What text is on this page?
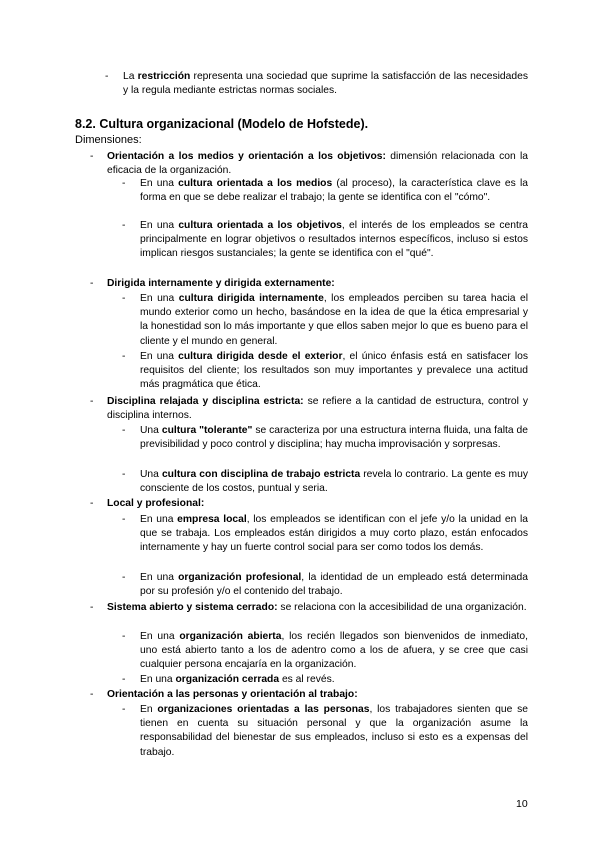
- La restricción representa una sociedad que suprime la satisfacción de las necesidades y la regula mediante estrictas normas sociales.
8.2. Cultura organizacional (Modelo de Hofstede).
Dimensiones:
- Orientación a los medios y orientación a los objetivos: dimensión relacionada con la eficacia de la organización.
- En una cultura orientada a los medios (al proceso), la característica clave es la forma en que se debe realizar el trabajo; la gente se identifica con el "cómo".
- En una cultura orientada a los objetivos, el interés de los empleados se centra principalmente en lograr objetivos o resultados internos específicos, incluso si estos implican riesgos sustanciales; la gente se identifica con el "qué".
- Dirigida internamente y dirigida externamente:
- En una cultura dirigida internamente, los empleados perciben su tarea hacia el mundo exterior como un hecho, basándose en la idea de que la ética empresarial y la honestidad son lo más importante y que ellos saben mejor lo que es bueno para el cliente y el mundo en general.
- En una cultura dirigida desde el exterior, el único énfasis está en satisfacer los requisitos del cliente; los resultados son muy importantes y prevalece una actitud más pragmática que ética.
- Disciplina relajada y disciplina estricta: se refiere a la cantidad de estructura, control y disciplina internos.
- Una cultura "tolerante" se caracteriza por una estructura interna fluida, una falta de previsibilidad y poco control y disciplina; hay mucha improvisación y sorpresas.
- Una cultura con disciplina de trabajo estricta revela lo contrario. La gente es muy consciente de los costos, puntual y seria.
- Local y profesional:
- En una empresa local, los empleados se identifican con el jefe y/o la unidad en la que se trabaja. Los empleados están dirigidos a muy corto plazo, están enfocados internamente y hay un fuerte control social para ser como todos los demás.
- En una organización profesional, la identidad de un empleado está determinada por su profesión y/o el contenido del trabajo.
- Sistema abierto y sistema cerrado: se relaciona con la accesibilidad de una organización.
- En una organización abierta, los recién llegados son bienvenidos de inmediato, uno está abierto tanto a los de adentro como a los de afuera, y se cree que casi cualquier persona encajaría en la organización.
- En una organización cerrada es al revés.
- Orientación a las personas y orientación al trabajo:
- En organizaciones orientadas a las personas, los trabajadores sienten que se tienen en cuenta su situación personal y que la organización asume la responsabilidad del bienestar de sus empleados, incluso si esto es a expensas del trabajo.
10
